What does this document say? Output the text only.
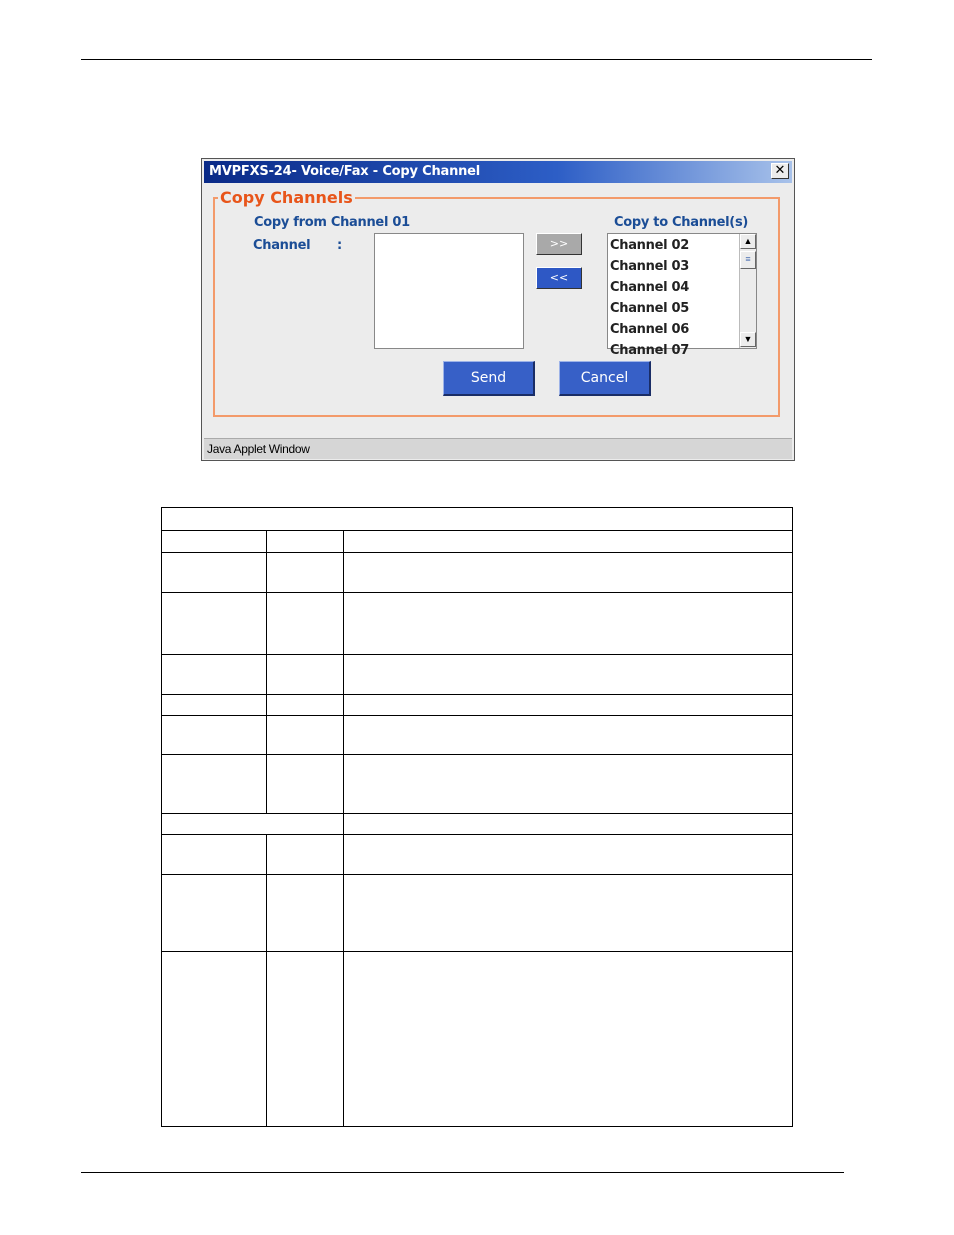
MVPFXS-24- Voice/Fax - Copy Channel	✕
Copy Channels
Copy from Channel 01
Channel :
Copy to Channel(s)
>>
<<
Channel 02
Channel 03
Channel 04
Channel 05
Channel 06
Channel 07
▲
≡
▼
Send	Cancel
Java Applet Window
